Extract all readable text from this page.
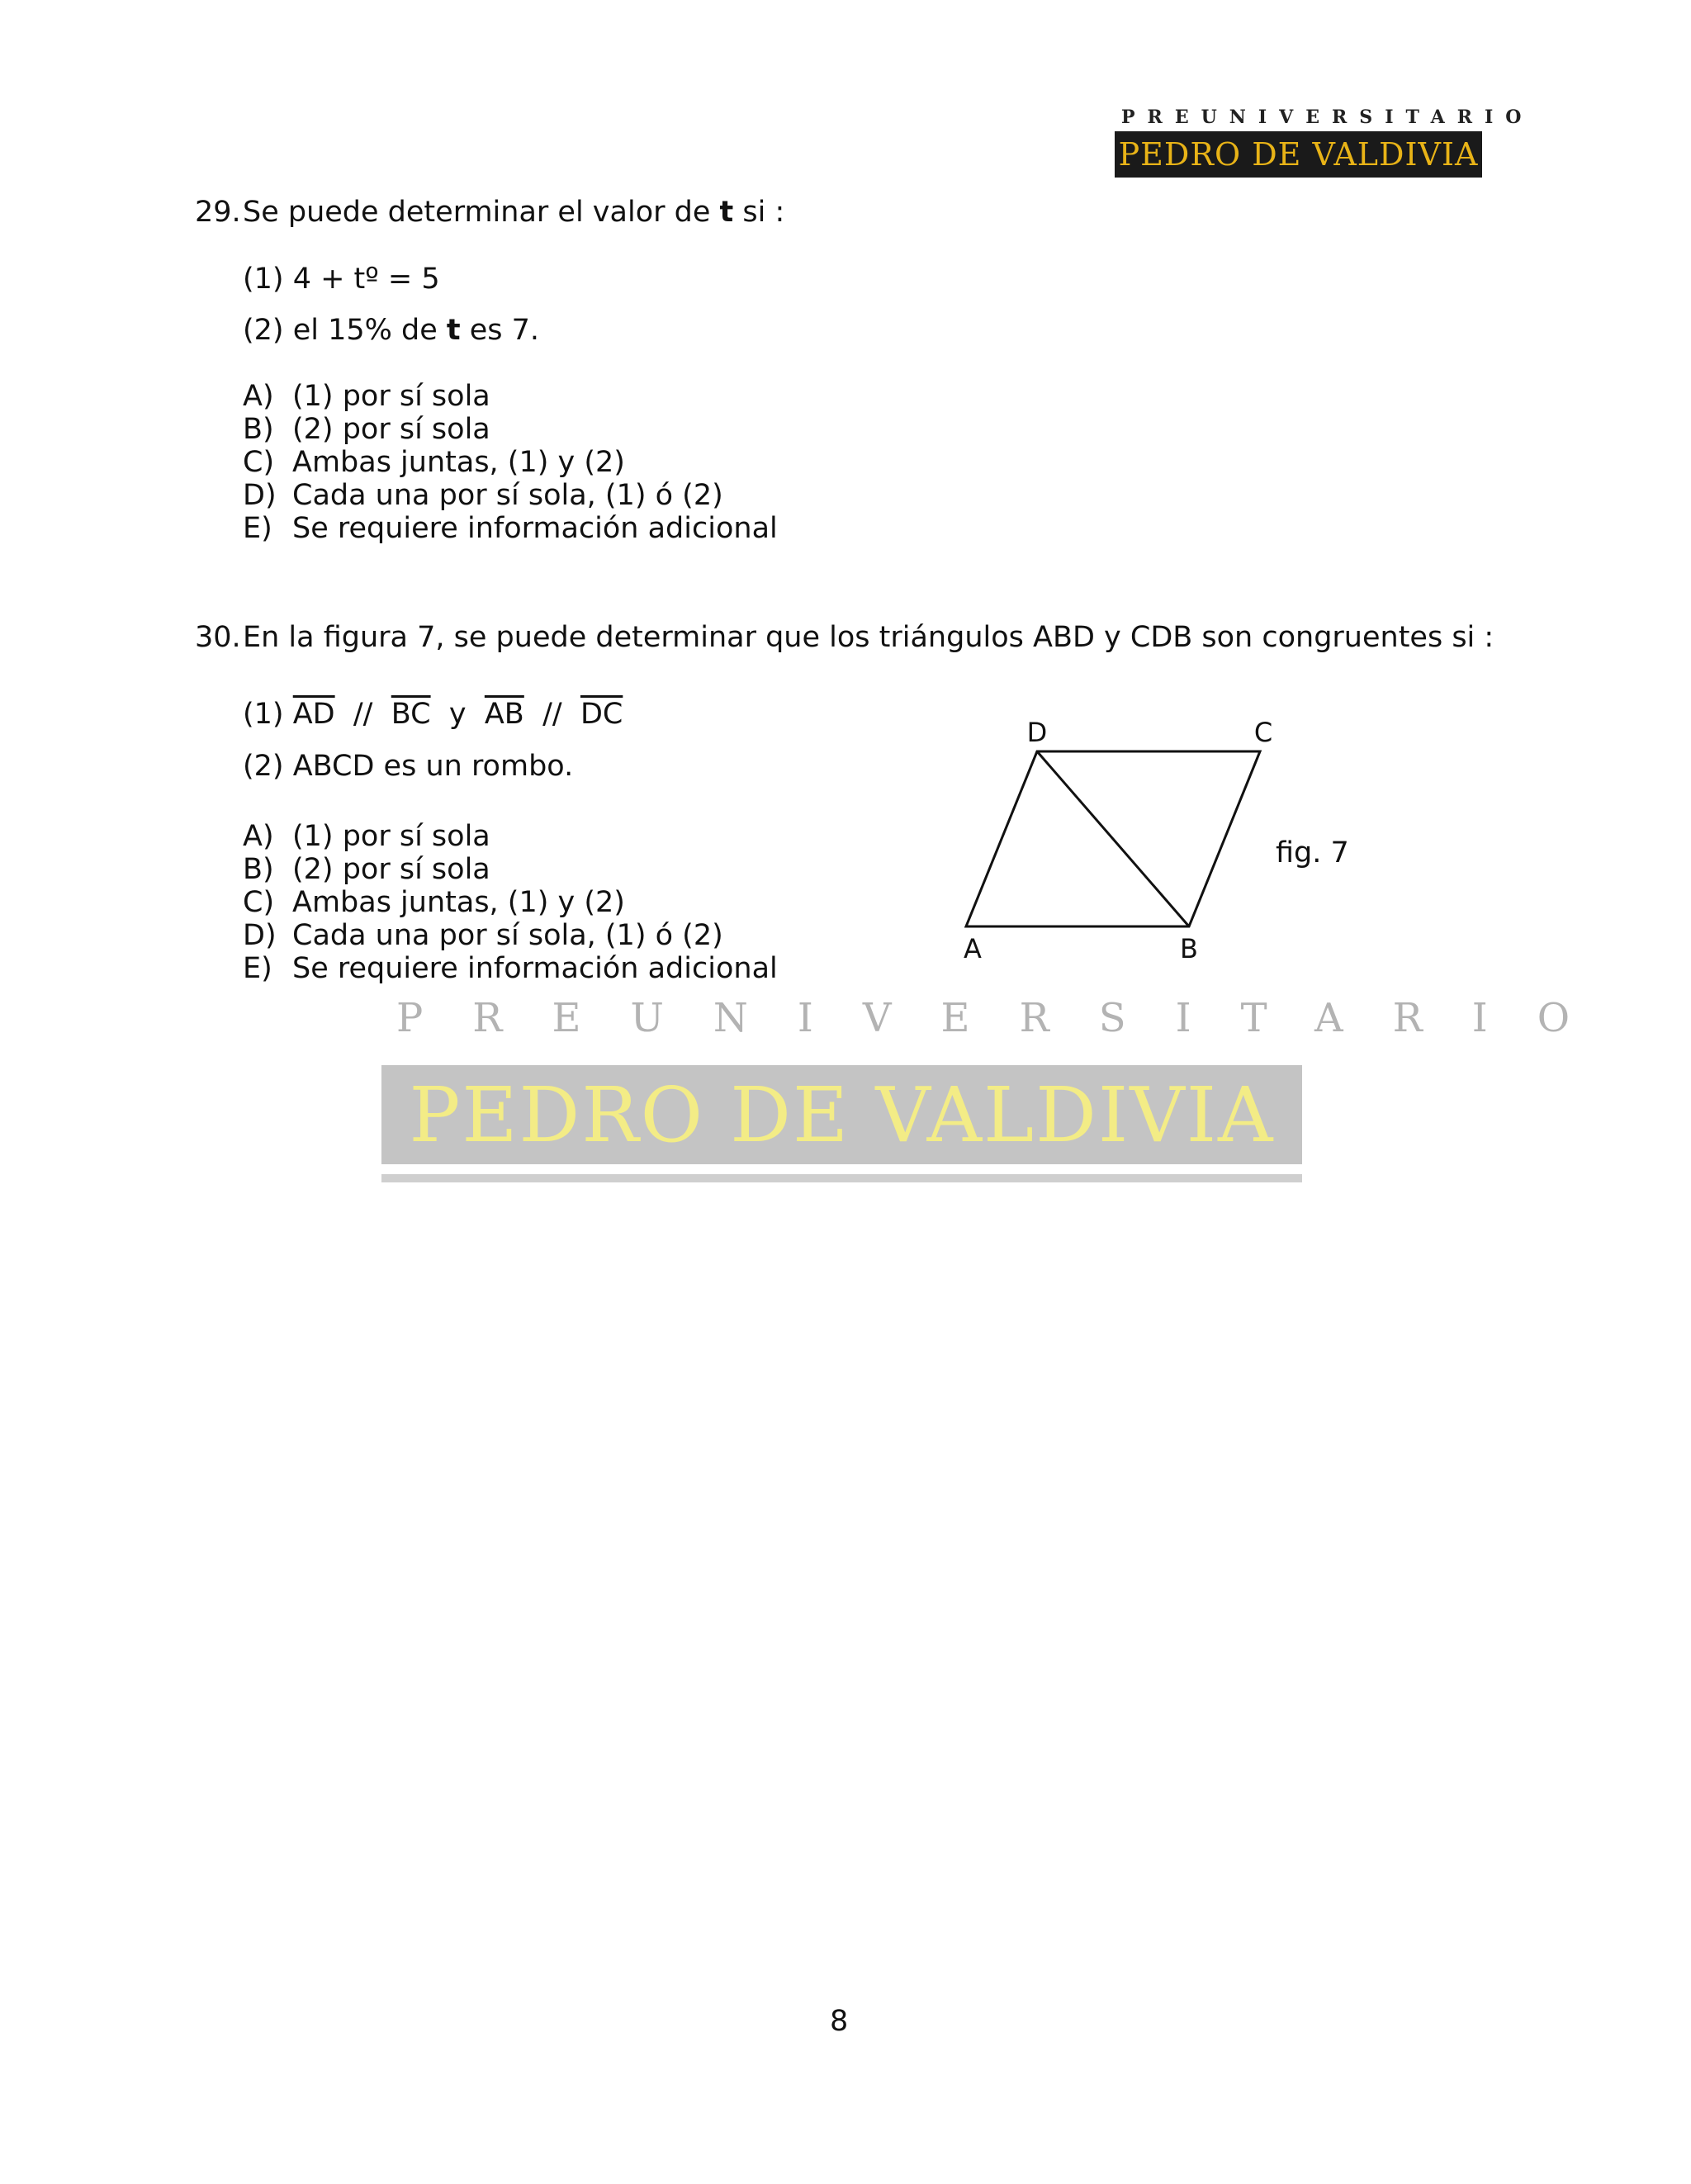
PREUNIVERSITARIO
PEDRO DE VALDIVIA
29. Se puede determinar el valor de t si :
(1) 4 + tº = 5
(2) el 15% de t es 7.
A) (1) por sí sola
B) (2) por sí sola
C) Ambas juntas, (1) y (2)
D) Cada una por sí sola, (1) ó (2)
E) Se requiere información adicional
30. En la figura 7, se puede determinar que los triángulos ABD y CDB son congruentes si :
(1) $\overline{AD} // \overline{BC}$ y $\overline{AB} // \overline{DC}$
(2) ABCD es un rombo.
A) (1) por sí sola
B) (2) por sí sola
C) Ambas juntas, (1) y (2)
D) Cada una por sí sola, (1) ó (2)
E) Se requiere información adicional
D	C
A	B
fig. 7
PREUNIVERSITARIO
PEDRO DE VALDIVIA
8
